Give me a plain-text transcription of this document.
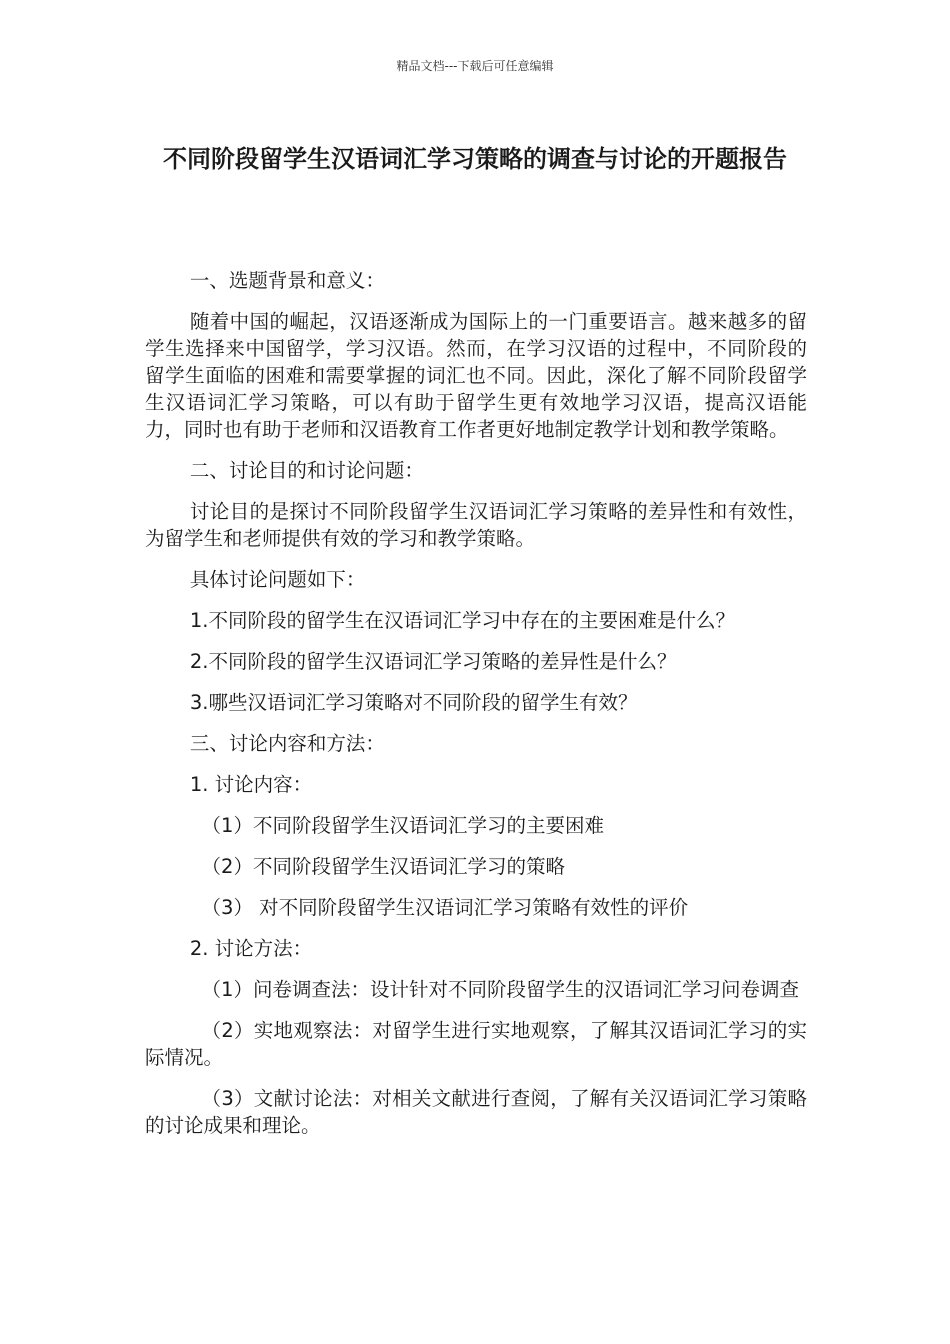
精品文档---下载后可任意编辑
不同阶段留学生汉语词汇学习策略的调查与讨论的开题报告

一、选题背景和意义：

随着中国的崛起，汉语逐渐成为国际上的一门重要语言。越来越多的留学生选择来中国留学，学习汉语。然而，在学习汉语的过程中，不同阶段的留学生面临的困难和需要掌握的词汇也不同。因此，深化了解不同阶段留学生汉语词汇学习策略，可以有助于留学生更有效地学习汉语，提高汉语能力，同时也有助于老师和汉语教育工作者更好地制定教学计划和教学策略。

二、讨论目的和讨论问题：

讨论目的是探讨不同阶段留学生汉语词汇学习策略的差异性和有效性，为留学生和老师提供有效的学习和教学策略。

具体讨论问题如下：

1.不同阶段的留学生在汉语词汇学习中存在的主要困难是什么？

2.不同阶段的留学生汉语词汇学习策略的差异性是什么？

3.哪些汉语词汇学习策略对不同阶段的留学生有效？

三、讨论内容和方法：

1. 讨论内容：

（1）不同阶段留学生汉语词汇学习的主要困难

（2）不同阶段留学生汉语词汇学习的策略

（3） 对不同阶段留学生汉语词汇学习策略有效性的评价

2. 讨论方法：

（1）问卷调查法：设计针对不同阶段留学生的汉语词汇学习问卷调查

（2）实地观察法：对留学生进行实地观察，了解其汉语词汇学习的实际情况。

（3）文献讨论法：对相关文献进行查阅，了解有关汉语词汇学习策略的讨论成果和理论。
